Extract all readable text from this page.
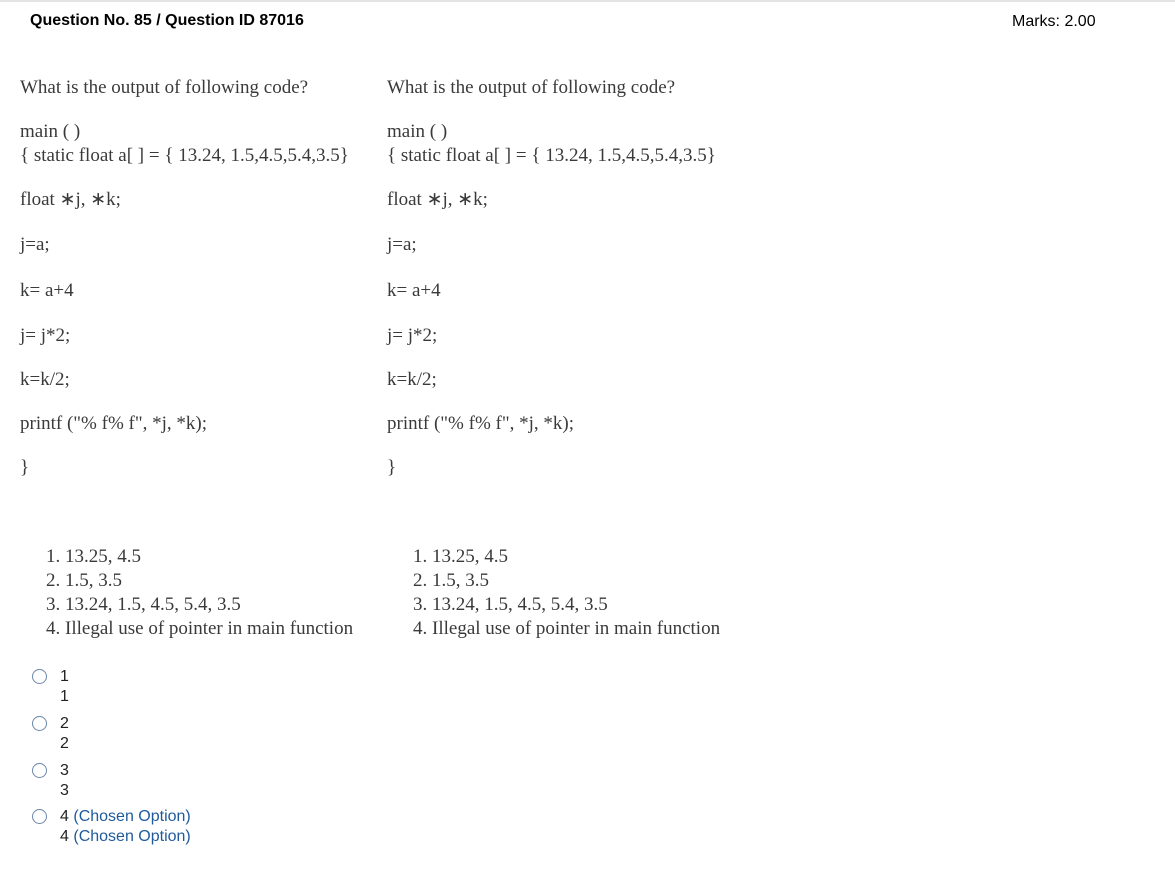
Question No. 85 / Question ID 87016	Marks: 2.00
What is the output of following code?
main ( )
{ static float a[ ] = { 13.24, 1.5,4.5,5.4,3.5}
float ∗j, ∗k;
j=a;
k= a+4
j= j*2;
k=k/2;
printf ("% f% f", *j, *k);
}
1. 13.25, 4.5
2. 1.5, 3.5
3. 13.24, 1.5, 4.5, 5.4, 3.5
4. Illegal use of pointer in main function
What is the output of following code?
main ( )
{ static float a[ ] = { 13.24, 1.5,4.5,5.4,3.5}
float ∗j, ∗k;
j=a;
k= a+4
j= j*2;
k=k/2;
printf ("% f% f", *j, *k);
}
1. 13.25, 4.5
2. 1.5, 3.5
3. 13.24, 1.5, 4.5, 5.4, 3.5
4. Illegal use of pointer in main function
1
1
2
2
3
3
4 (Chosen Option)
4 (Chosen Option)
